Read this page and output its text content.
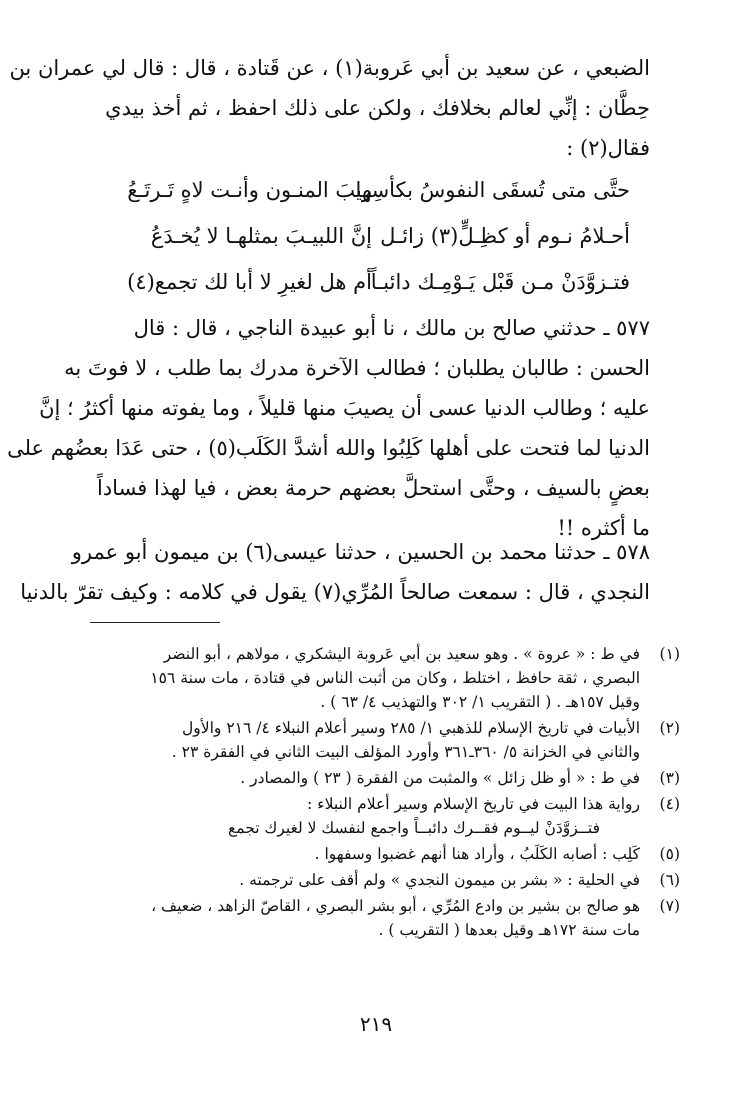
الضبعي ، عن سعيد بن أبي عَروبة(١) ، عن قَتادة ، قال : قال لي عمران بن
حِطَّان : إنِّي لعالم بخلافك ، ولكن على ذلك احفظ ، ثم أخذ بيدي
فقال(٢) :
حتَّى متى تُسقَى النفوسُ بكأسِها
ريبَ المنـون وأنـت لاهٍ تَـرتَـعُ
أحـلامُ نـوم أو كظِـلٍّ(٣) زائـل
إنَّ اللبيـبَ بمثلهـا لا يُخـدَعُ
فتـزوَّدَنْ مـن قَبْل يَـوْمِـك دائبـاً
أم هل لغيرِ لا أبا لك تجمع(٤)
٥٧٧ ـ حدثني صالح بن مالك ، نا أبو عبيدة الناجي ، قال : قال
الحسن : طالبان يطلبان ؛ فطالب الآخرة مدرك بما طلب ، لا فوتَ به
عليه ؛ وطالب الدنيا عسى أن يصيبَ منها قليلاً ، وما يفوته منها أكثرُ ؛ إنَّ
الدنيا لما فتحت على أهلها كَلِبُوا والله أشدَّ الكَلَب(٥) ، حتى عَدَا بعضُهم على
بعضٍ بالسيف ، وحتَّى استحلَّ بعضهم حرمة بعض ، فيا لهذا فساداً
ما أكثره !!
٥٧٨ ـ حدثنا محمد بن الحسين ، حدثنا عيسى(٦) بن ميمون أبو عمرو
النجدي ، قال : سمعت صالحاً المُرِّي(٧) يقول في كلامه : وكيف تقرّ بالدنيا
(١)
في ط : « عروة » . وهو سعيد بن أبي عَروبة اليشكري ، مولاهم ، أبو النضر
البصري ، ثقة حافظ ، اختلط ، وكان من أثبت الناس في قتادة ، مات سنة ١٥٦
وقيل ١٥٧هـ . ( التقريب ١/ ٣٠٢ والتهذيب ٤/ ٦٣ ) .
(٢)
الأبيات في تاريخ الإسلام للذهبي ١/ ٢٨٥ وسير أعلام النبلاء ٤/ ٢١٦ والأول
والثاني في الخزانة ٥/ ٣٦٠ـ٣٦١ وأورد المؤلف البيت الثاني في الفقرة ٢٣ .
(٣)
في ط : « أو ظل زائل » والمثبت من الفقرة ( ٢٣ ) والمصادر .
(٤)
رواية هذا البيت في تاريخ الإسلام وسير أعلام النبلاء :
فتــزوَّدَنْ ليــوم فقــرك دائبــاً واجمع لنفسك لا لغيرك تجمع
(٥)
كَلِب : أصابه الكَلَبُ ، وأراد هنا أنهم غضبوا وسفهوا .
(٦)
في الحلية : « بشر بن ميمون النجدي » ولم أقف على ترجمته .
(٧)
هو صالح بن بشير بن وادع المُرِّي ، أبو بشر البصري ، القاصّ الزاهد ، ضعيف ،
مات سنة ١٧٢هـ وقيل بعدها ( التقريب ) .
٢١٩
